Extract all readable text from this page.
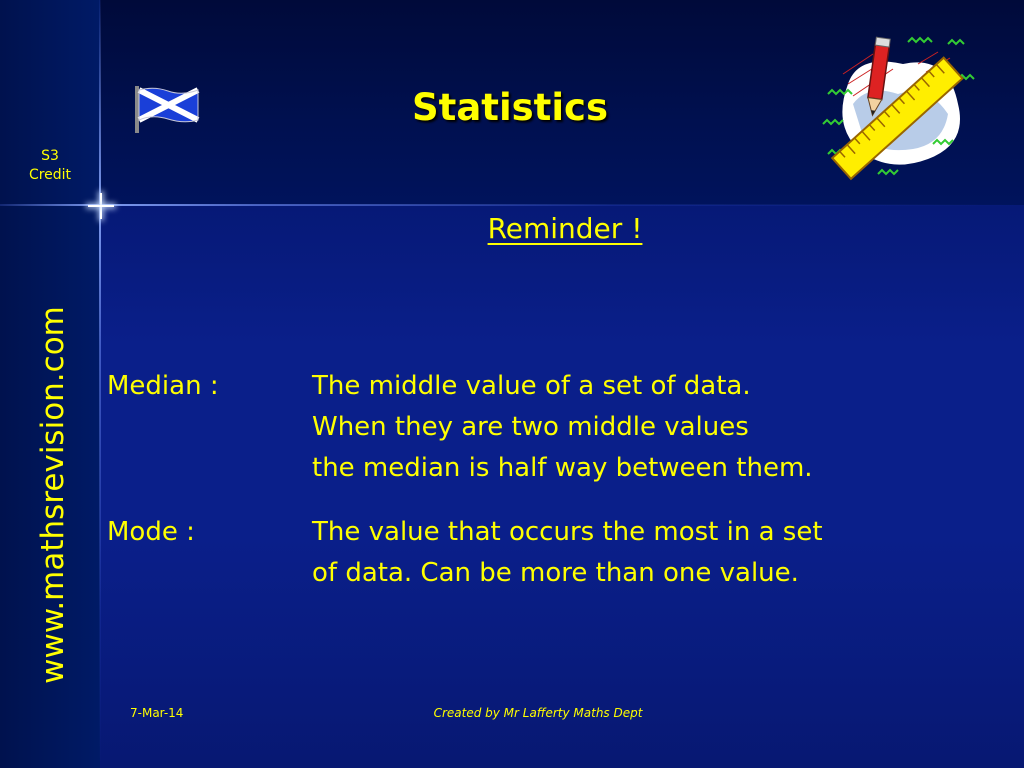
Statistics
S3
Credit
www.mathsrevision.com
Reminder !
Median :	The middle value of a set of data.
When they are two middle values
the median is half way between them.
Mode :	The value that occurs the most in a set
of data. Can be more than one value.
7-Mar-14	Created by Mr Lafferty Maths Dept
